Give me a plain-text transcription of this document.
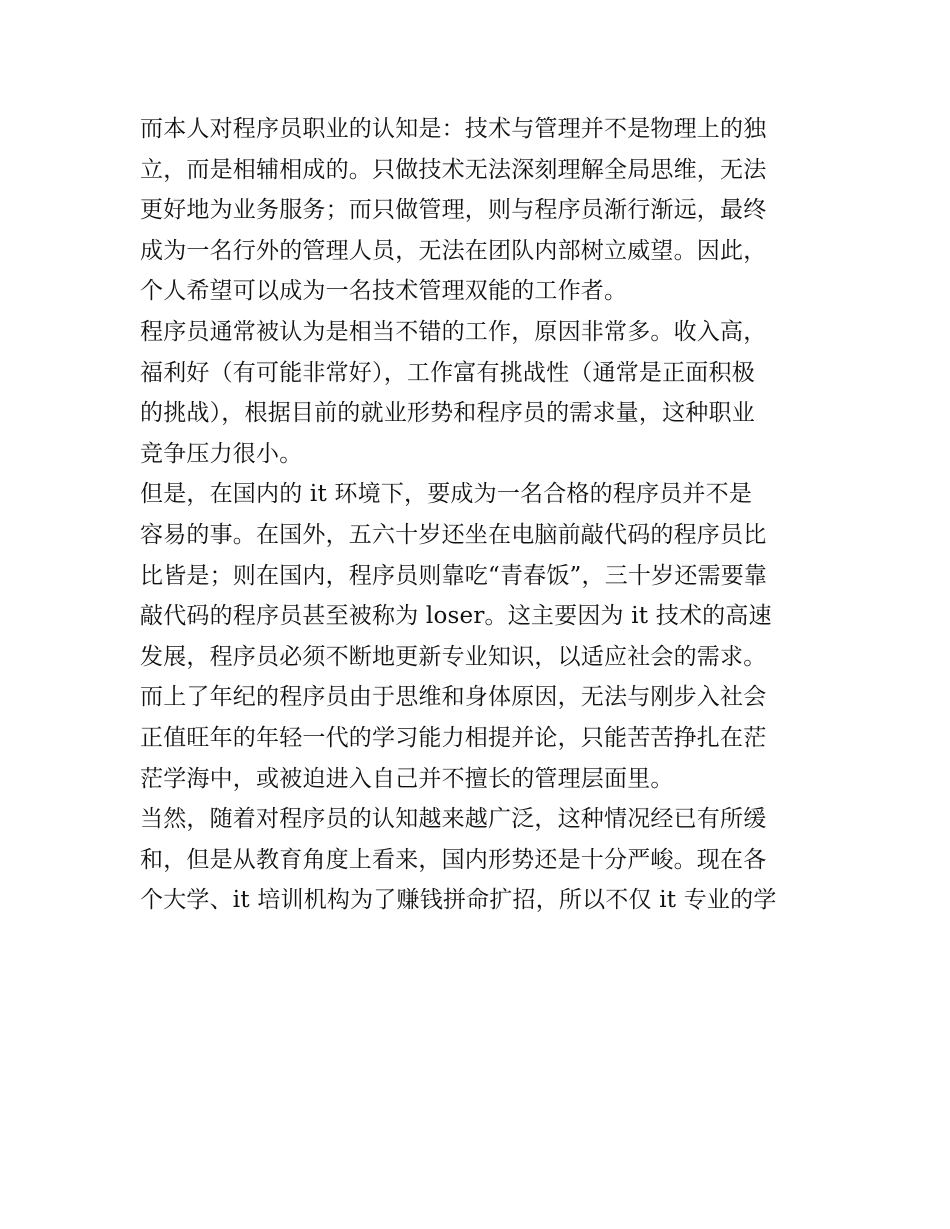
而本人对程序员职业的认知是：技术与管理并不是物理上的独
立，而是相辅相成的。只做技术无法深刻理解全局思维，无法
更好地为业务服务；而只做管理，则与程序员渐行渐远，最终
成为一名行外的管理人员，无法在团队内部树立威望。因此，
个人希望可以成为一名技术管理双能的工作者。
程序员通常被认为是相当不错的工作，原因非常多。收入高，
福利好（有可能非常好），工作富有挑战性（通常是正面积极
的挑战），根据目前的就业形势和程序员的需求量，这种职业
竞争压力很小。
但是，在国内的 it 环境下，要成为一名合格的程序员并不是
容易的事。在国外，五六十岁还坐在电脑前敲代码的程序员比
比皆是；则在国内，程序员则靠吃“青春饭”，三十岁还需要靠
敲代码的程序员甚至被称为 loser。这主要因为 it 技术的高速
发展，程序员必须不断地更新专业知识，以适应社会的需求。
而上了年纪的程序员由于思维和身体原因，无法与刚步入社会
正值旺年的年轻一代的学习能力相提并论，只能苦苦挣扎在茫
茫学海中，或被迫进入自己并不擅长的管理层面里。
当然，随着对程序员的认知越来越广泛，这种情况经已有所缓
和，但是从教育角度上看来，国内形势还是十分严峻。现在各
个大学、it 培训机构为了赚钱拼命扩招，所以不仅 it 专业的学
